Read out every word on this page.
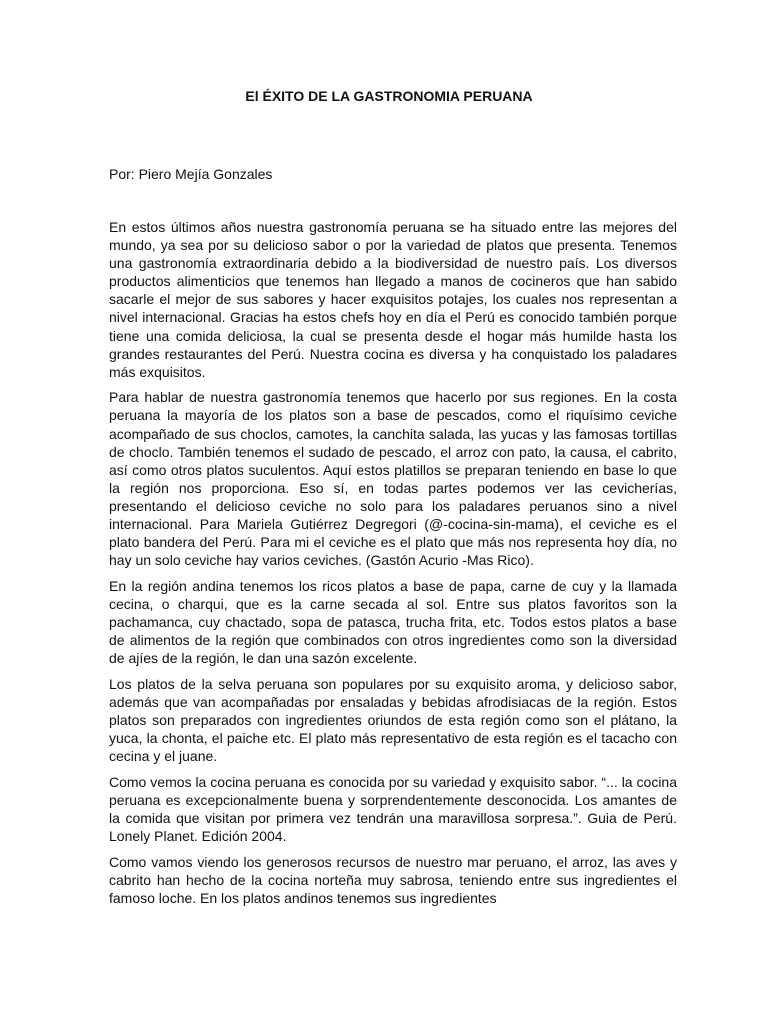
El ÉXITO DE LA GASTRONOMIA PERUANA

Por: Piero Mejía Gonzales

En estos últimos años nuestra gastronomía peruana se ha situado entre las mejores del mundo, ya sea por su delicioso sabor o por la variedad de platos que presenta. Tenemos una gastronomía extraordinaria debido a la biodiversidad de nuestro país. Los diversos productos alimenticios que tenemos han llegado a manos de cocineros que han sabido sacarle el mejor de sus sabores y hacer exquisitos potajes, los cuales nos representan a nivel internacional. Gracias ha estos chefs hoy en día el Perú es conocido también porque tiene una comida deliciosa, la cual se presenta desde el hogar más humilde hasta los grandes restaurantes del Perú. Nuestra cocina es diversa y ha conquistado los paladares más exquisitos.

Para hablar de nuestra gastronomía tenemos que hacerlo por sus regiones. En la costa peruana la mayoría de los platos son a base de pescados, como el riquísimo ceviche acompañado de sus choclos, camotes, la canchita salada, las yucas y las famosas tortillas de choclo. También tenemos el sudado de pescado, el arroz con pato, la causa, el cabrito, así como otros platos suculentos. Aquí estos platillos se preparan teniendo en base lo que la región nos proporciona. Eso sí, en todas partes podemos ver las cevicherías, presentando el delicioso ceviche no solo para los paladares peruanos sino a nivel internacional. Para Mariela Gutiérrez Degregori (@-cocina-sin-mama), el ceviche es el plato bandera del Perú. Para mi el ceviche es el plato que más nos representa hoy día, no hay un solo ceviche hay varios ceviches. (Gastón Acurio -Mas Rico).

En la región andina tenemos los ricos platos a base de papa, carne de cuy y la llamada cecina, o charqui, que es la carne secada al sol. Entre sus platos favoritos son la pachamanca, cuy chactado, sopa de patasca, trucha frita, etc. Todos estos platos a base de alimentos de la región que combinados con otros ingredientes como son la diversidad de ajíes de la región, le dan una sazón excelente.

Los platos de la selva peruana son populares por su exquisito aroma, y delicioso sabor, además que van acompañadas por ensaladas y bebidas afrodisiacas de la región. Estos platos son preparados con ingredientes oriundos de esta región como son el plátano, la yuca, la chonta, el paiche etc. El plato más representativo de esta región es el tacacho con cecina y el juane.

Como vemos la cocina peruana es conocida por su variedad y exquisito sabor. “... la cocina peruana es excepcionalmente buena y sorprendentemente desconocida. Los amantes de la comida que visitan por primera vez tendrán una maravillosa sorpresa.”. Guia de Perú. Lonely Planet. Edición 2004.

Como vamos viendo los generosos recursos de nuestro mar peruano, el arroz, las aves y cabrito han hecho de la cocina norteña muy sabrosa, teniendo entre sus ingredientes el famoso loche. En los platos andinos tenemos sus ingredientes
